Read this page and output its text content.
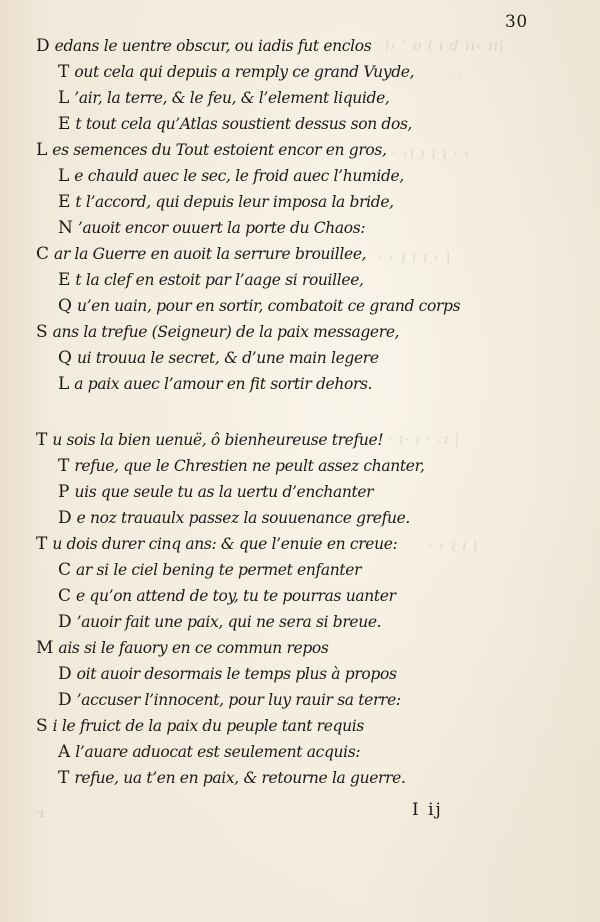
l‹ ' o l ı d ıı‹ ıı|
· ·
· ‹ı ı ı ı · ‹
· ‹ ı ı ı ‹ |
· ı· ı · ‹ı |
· ‹ ı ı |
30
D edans le uentre obscur, ou iadis fut enclos
T out cela qui depuis a remply ce grand Vuyde,
L ’air, la terre, & le feu, & l’element liquide,
E t tout cela qu’Atlas soustient dessus son dos,
L es semences du Tout estoient encor en gros,
L e chauld auec le sec, le froid auec l’humide,
E t l’accord, qui depuis leur imposa la bride,
N ’auoit encor ouuert la porte du Chaos:
C ar la Guerre en auoit la serrure brouillee,
E t la clef en estoit par l’aage si rouillee,
Q u’en uain, pour en sortir, combatoit ce grand corps
S ans la trefue (Seigneur) de la paix messagere,
Q ui trouua le secret, & d’une main legere
L a paix auec l’amour en fit sortir dehors.
T u sois la bien uenuë, ô bienheureuse trefue!
T refue, que le Chrestien ne peult assez chanter,
P uis que seule tu as la uertu d’enchanter
D e noz trauaulx passez la souuenance grefue.
T u dois durer cinq ans: & que l’enuie en creue:
C ar si le ciel bening te permet enfanter
C e qu’on attend de toy, tu te pourras uanter
D ’auoir fait une paix, qui ne sera si breue.
M ais si le fauory en ce commun repos
D oit auoir desormais le temps plus à propos
D ’accuser l’innocent, pour luy rauir sa terre:
S i le fruict de la paix du peuple tant requis
A l’auare aduocat est seulement acquis:
T refue, ua t’en en paix, & retourne la guerre.
·ı	I ij
